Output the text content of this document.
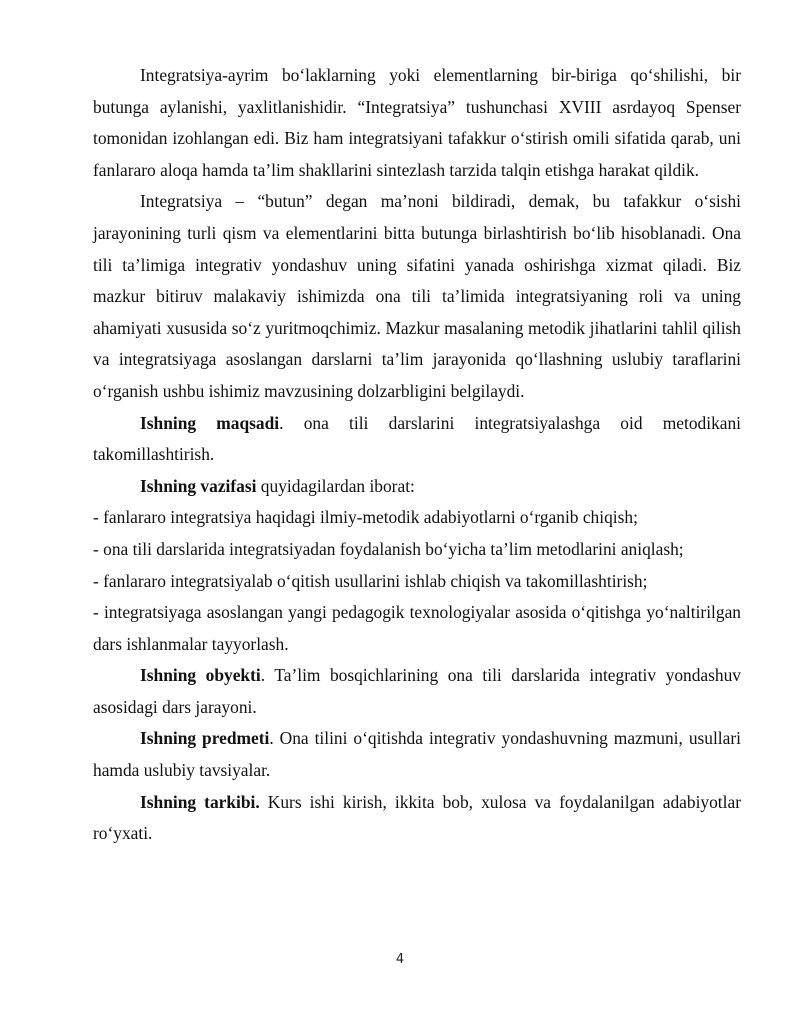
Integratsiya-ayrim bo‘laklarning yoki elementlarning bir-biriga qo‘shilishi, bir butunga aylanishi, yaxlitlanishidir. “Integratsiya” tushunchasi XVIII asrdayoq Spenser tomonidan izohlangan edi. Biz ham integratsiyani tafakkur o‘stirish omili sifatida qarab, uni fanlararo aloqa hamda ta’lim shakllarini sintezlash tarzida talqin etishga harakat qildik.

Integratsiya – “butun” degan ma’noni bildiradi, demak, bu tafakkur o‘sishi jarayonining turli qism va elementlarini bitta butunga birlashtirish bo‘lib hisoblanadi. Ona tili ta’limiga integrativ yondashuv uning sifatini yanada oshirishga xizmat qiladi. Biz mazkur bitiruv malakaviy ishimizda ona tili ta’limida integratsiyaning roli va uning ahamiyati xususida so‘z yuritmoqchimiz. Mazkur masalaning metodik jihatlarini tahlil qilish va integratsiyaga asoslangan darslarni ta’lim jarayonida qo‘llashning uslubiy taraflarini o‘rganish ushbu ishimiz mavzusining dolzarbligini belgilaydi.

Ishning maqsadi. ona tili darslarini integratsiyalashga oid metodikani takomillashtirish.

Ishning vazifasi quyidagilardan iborat:

- fanlararo integratsiya haqidagi ilmiy-metodik adabiyotlarni o‘rganib chiqish;

- ona tili darslarida integratsiyadan foydalanish bo‘yicha ta’lim metodlarini aniqlash;

- fanlararo integratsiyalab o‘qitish usullarini ishlab chiqish va takomillashtirish;

- integratsiyaga asoslangan yangi pedagogik texnologiyalar asosida o‘qitishga yo‘naltirilgan dars ishlanmalar tayyorlash.

Ishning obyekti. Ta’lim bosqichlarining ona tili darslarida integrativ yondashuv asosidagi dars jarayoni.

Ishning predmeti. Ona tilini o‘qitishda integrativ yondashuvning mazmuni, usullari hamda uslubiy tavsiyalar.

Ishning tarkibi. Kurs ishi kirish, ikkita bob, xulosa va foydalanilgan adabiyotlar ro‘yxati.

4
